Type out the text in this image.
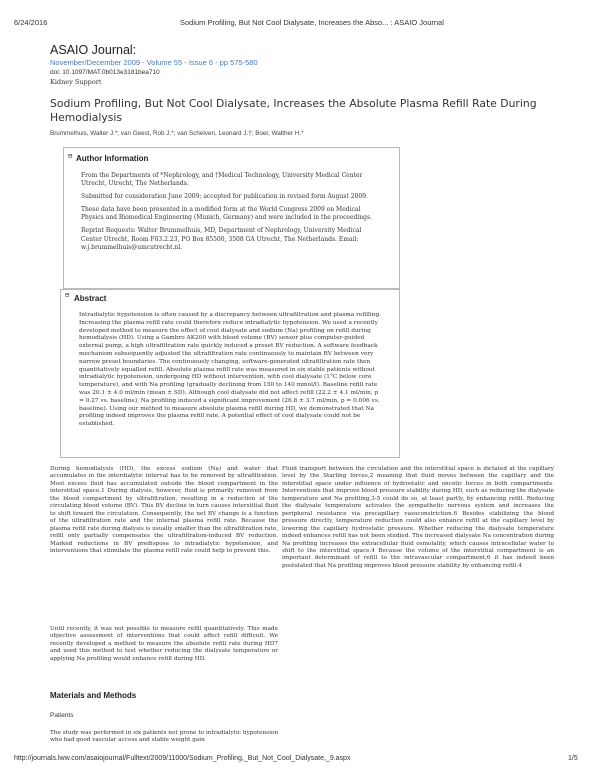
6/24/2016	Sodium Profiling, But Not Cool Dialysate, Increases the Abso... : ASAIO Journal
ASAIO Journal:
November/December 2009 - Volume 55 - Issue 6 - pp 575-580
doi: 10.1097/MAT.0b013e3181bea710
Kidney Support
Sodium Profiling, But Not Cool Dialysate, Increases the Absolute Plasma Refill Rate During Hemodialysis
Brummelhuis, Walter J.*; van Geest, Rob J.*; van Schelven, Leonard J.†; Boer, Walther H.*
⊟ Author Information

From the Departments of *Nephrology, and †Medical Technology, University Medical Center Utrecht, Utrecht, The Netherlands.

Submitted for consideration June 2009; accepted for publication in revised form August 2009.

These data have been presented in a modified form at the World Congress 2009 on Medical Physics and Biomedical Engineering (Munich, Germany) and were included in the proceedings.

Reprint Requests: Walter Brummelhuis, MD, Department of Nephrology, University Medical Center Utrecht, Room F03.2.23, PO Box 85500, 3508 GA Utrecht, The Netherlands. Email: w.j.brummelhuis@umcutrecht.nl.

⊟ Abstract
Intradialytic hypotension is often caused by a discrepancy between ultrafiltration and plasma refilling. Increasing the plasma refill rate could therefore reduce intradialytic hypotension. We used a recently developed method to measure the effect of cool dialysate and sodium (Na) profiling on refill during hemodialysis (HD). Using a Gambro AK200 with blood volume (BV) sensor plus computer-guided external pump, a high ultrafiltration rate quickly induced a preset BV reduction. A software feedback mechanism subsequently adjusted the ultrafiltration rate continuously to maintain BV between very narrow preset boundaries. The continuously changing, software-generated ultrafiltration rate then quantitatively equalled refill. Absolute plasma refill rate was measured in six stable patients without intradialytic hypotension, undergoing HD without intervention, with cool dialysate (1°C below core temperature), and with Na profiling (gradually declining from 150 to 140 mmol/l). Baseline refill rate was 20.1 ± 4.0 ml/min (mean ± SD). Although cool dialysate did not affect refill (22.2 ± 4.1 ml/min, p = 0.27 vs. baseline), Na profiling induced a significant improvement (26.8 ± 3.7 ml/min, p = 0.006 vs. baseline). Using our method to measure absolute plasma refill during HD, we demonstrated that Na profiling indeed improves the plasma refill rate. A potential effect of cool dialysate could not be established.
During hemodialysis (HD), the excess sodium (Na) and water that accumulates in the interdialytic interval has to be removed by ultrafiltration. Most excess fluid has accumulated outside the blood compartment in the interstitial space.1 During dialysis, however, fluid is primarily removed from the blood compartment by ultrafiltration, resulting in a reduction of the circulating blood volume (BV). This BV decline in turn causes interstitial fluid to shift toward the circulation. Consequently, the net BV change is a function of the ultrafiltration rate and the internal plasma refill rate. Because the plasma refill rate during dialysis is usually smaller than the ultrafiltration rate, refill only partially compensates the ultrafiltration-induced BV reduction. Marked reductions in BV predispose to intradialytic hypotension, and interventions that stimulate the plasma refill rate could help to prevent this.
Fluid transport between the circulation and the interstitial space is dictated at the capillary level by the Starling forces,2 meaning that fluid moves between the capillary and the interstitial space under influence of hydrostatic and oncotic forces in both compartments. Interventions that improve blood pressure stability during HD, such as reducing the dialysate temperature and Na profiling,3-5 could do so, at least partly, by enhancing refill. Reducing the dialysate temperature activates the sympathetic nervous system and increases the peripheral resistance via precapillary vasoconstriction.6 Besides stabilizing the blood pressure directly, temperature reduction could also enhance refill at the capillary level by lowering the capillary hydrostatic pressure. Whether reducing the dialysate temperature indeed enhances refill has not been studied. The increased dialysate Na concentration during Na profiling increases the extracellular fluid osmolality, which causes intracellular water to shift to the interstitial space.4 Because the volume of the interstitial compartment is an important determinant of refill to the intravascular compartment,6 it has indeed been postulated that Na profiling improves blood pressure stability by enhancing refill.4
Until recently, it was not possible to measure refill quantitatively. This made objective assessment of interventions that could affect refill difficult. We recently developed a method to measure the absolute refill rate during HD7 and used this method to test whether reducing the dialysate temperature or applying Na profiling would enhance refill during HD.
Materials and Methods
Patients
The study was performed in six patients not prone to intradialytic hypotension who had good vascular access and stable weight gain
http://journals.lww.com/asaiojournal/Fulltext/2009/11000/Sodium_Profiling,_But_Not_Cool_Dialysate,_9.aspx	1/5
